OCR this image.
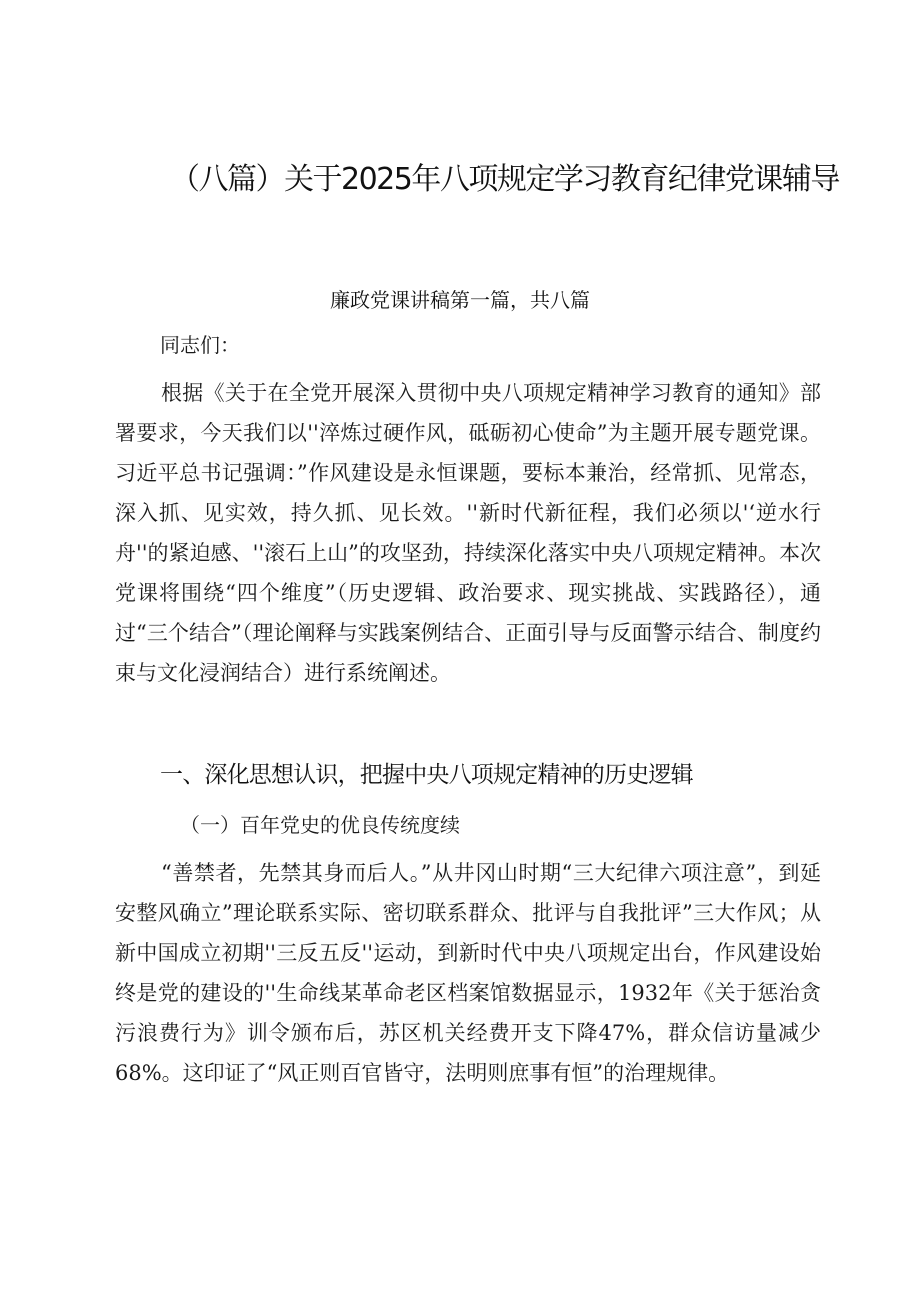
（八篇）关于2025年八项规定学习教育纪律党课辅导
廉政党课讲稿第一篇，共八篇
同志们：
根据《关于在全党开展深入贯彻中央八项规定精神学习教育的通知》部署要求，今天我们以''淬炼过硬作风，砥砺初心使命”为主题开展专题党课。习近平总书记强调：”作风建设是永恒课题，要标本兼治，经常抓、见常态，深入抓、见实效，持久抓、见长效。''新时代新征程，我们必须以'‘逆水行舟''的紧迫感、''滚石上山”的攻坚劲，持续深化落实中央八项规定精神。本次党课将围绕“四个维度”（历史逻辑、政治要求、现实挑战、实践路径），通过“三个结合”（理论阐释与实践案例结合、正面引导与反面警示结合、制度约束与文化浸润结合）进行系统阐述。
一、深化思想认识，把握中央八项规定精神的历史逻辑
（一）百年党史的优良传统度续
“善禁者，先禁其身而后人。”从井冈山时期“三大纪律六项注意”，到延安整风确立”理论联系实际、密切联系群众、批评与自我批评”三大作风；从新中国成立初期''三反五反''运动，到新时代中央八项规定出台，作风建设始终是党的建设的''生命线某革命老区档案馆数据显示，1932年《关于惩治贪污浪费行为》训令颁布后，苏区机关经费开支下降47%，群众信访量减少68%。这印证了“风正则百官皆守，法明则庶事有恒”的治理规律。
